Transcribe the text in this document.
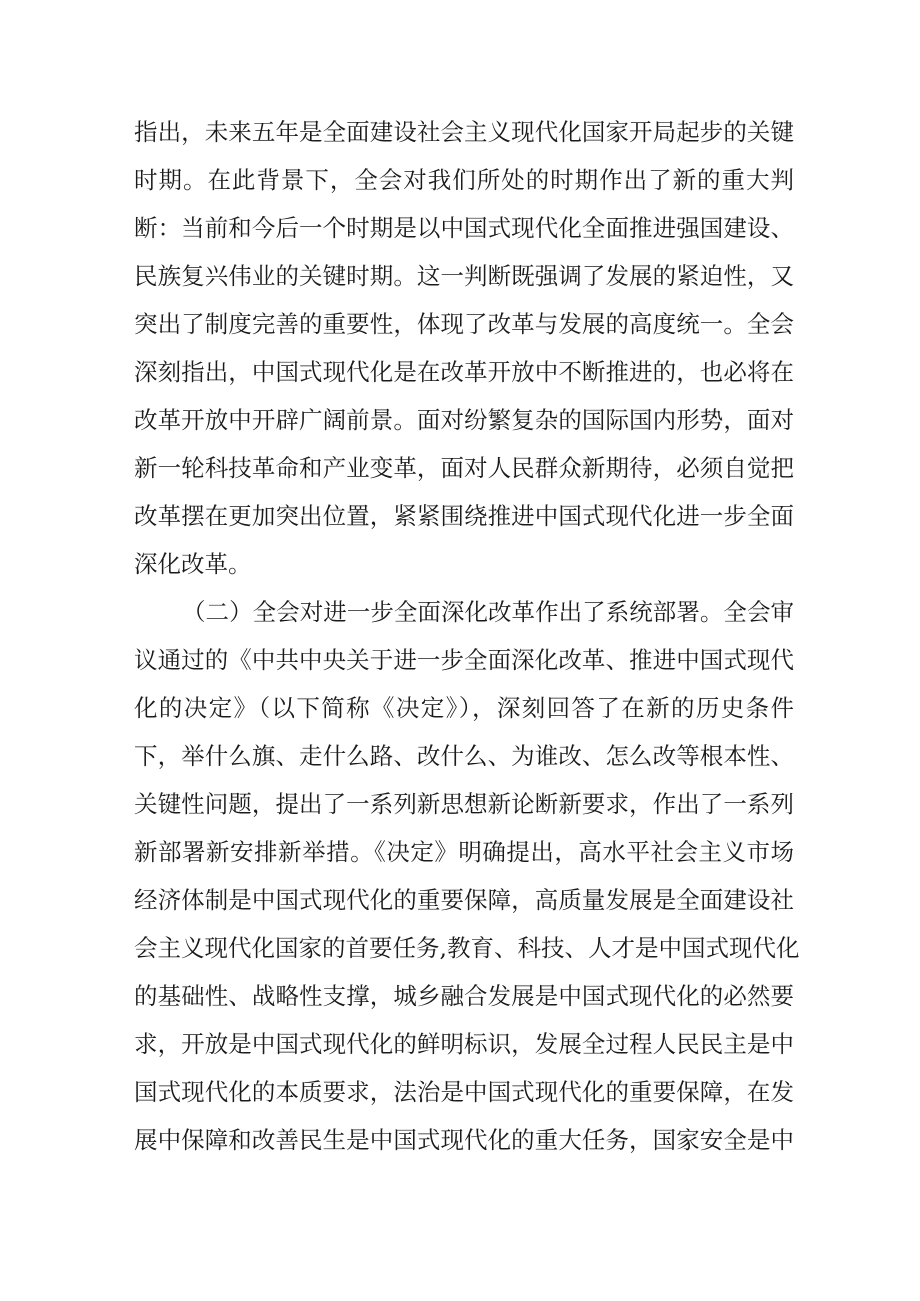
指出，未来五年是全面建设社会主义现代化国家开局起步的关键
时期。在此背景下，全会对我们所处的时期作出了新的重大判
断：当前和今后一个时期是以中国式现代化全面推进强国建设、
民族复兴伟业的关键时期。这一判断既强调了发展的紧迫性，又
突出了制度完善的重要性，体现了改革与发展的高度统一。全会
深刻指出，中国式现代化是在改革开放中不断推进的，也必将在
改革开放中开辟广阔前景。面对纷繁复杂的国际国内形势，面对
新一轮科技革命和产业变革，面对人民群众新期待，必须自觉把
改革摆在更加突出位置，紧紧围绕推进中国式现代化进一步全面
深化改革。
（二）全会对进一步全面深化改革作出了系统部署。全会审
议通过的《中共中央关于进一步全面深化改革、推进中国式现代
化的决定》（以下简称《决定》），深刻回答了在新的历史条件
下，举什么旗、走什么路、改什么、为谁改、怎么改等根本性、
关键性问题，提出了一系列新思想新论断新要求，作出了一系列
新部署新安排新举措。《决定》明确提出，高水平社会主义市场
经济体制是中国式现代化的重要保障，高质量发展是全面建设社
会主义现代化国家的首要任务,教育、科技、人才是中国式现代化
的基础性、战略性支撑，城乡融合发展是中国式现代化的必然要
求，开放是中国式现代化的鲜明标识，发展全过程人民民主是中
国式现代化的本质要求，法治是中国式现代化的重要保障，在发
展中保障和改善民生是中国式现代化的重大任务，国家安全是中
